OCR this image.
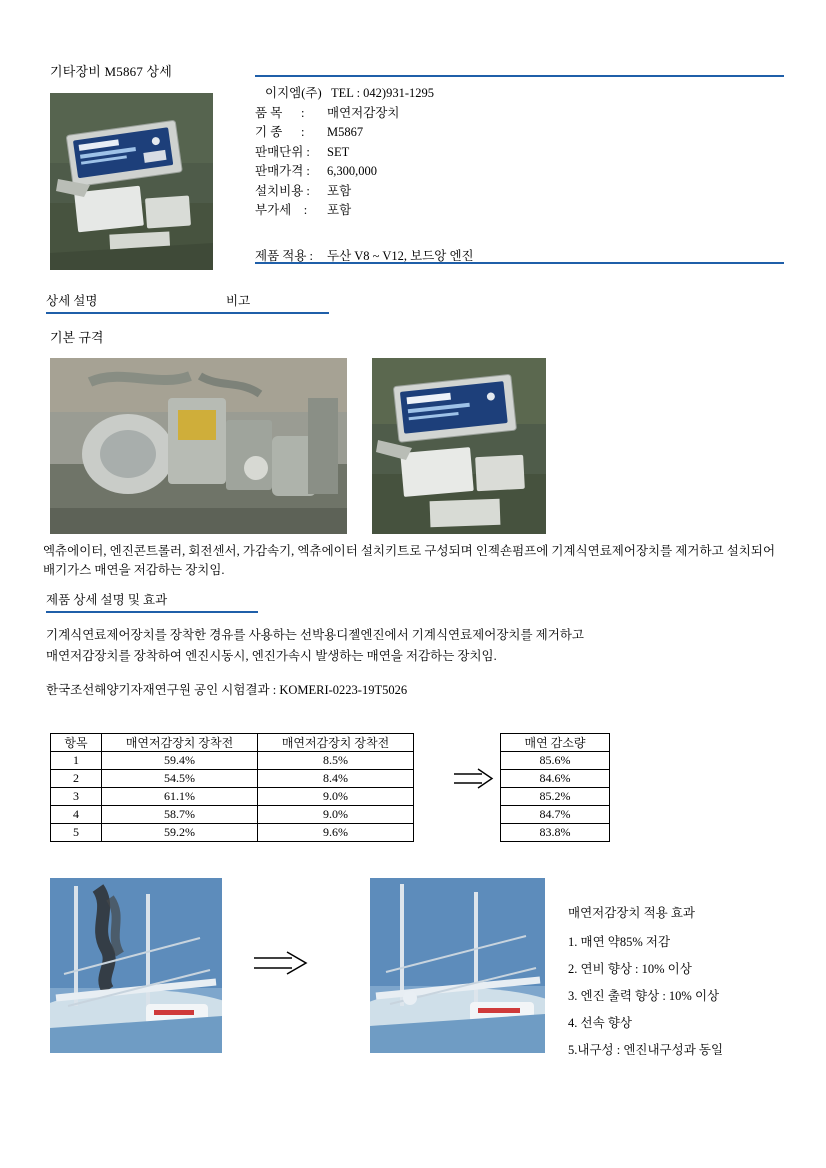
기타장비 M5867 상세
이지엠(주)   TEL : 042)931-1295
품 목      : 매연저감장치
기 종      : M5867
판매단위 : SET
판매가격 : 6,300,000
설치비용 : 포함
부가세    : 포함
제품 적용 : 두산 V8 ~ V12, 보드앙 엔진
상세 설명	비고
기본 규격
엑츄에이터, 엔진콘트롤러, 회전센서, 가감속기, 엑츄에이터 설치키트로 구성되며 인젝숀펌프에 기계식연료제어장치를 제거하고 설치되어 배기가스 매연을 저감하는 장치임.
제품 상세 설명 및 효과
기계식연료제어장치를 장착한 경유를 사용하는 선박용디젤엔진에서 기계식연료제어장치를 제거하고
매연저감장치를 장착하여 엔진시동시, 엔진가속시 발생하는 매연을 저감하는 장치임.
한국조선해양기자재연구원 공인 시험결과 : KOMERI-0223-19T5026
항목	매연저감장치 장착전	매연저감장치 장착전
1	59.4%	8.5%
2	54.5%	8.4%
3	61.1%	9.0%
4	58.7%	9.0%
5	59.2%	9.6%
매연 감소량	
85.6%	
84.6%	
85.2%	
84.7%	
83.8%	
매연저감장치 적용 효과
1. 매연 약85% 저감
2. 연비 향상 : 10% 이상
3. 엔진 출력 향상 : 10% 이상
4. 선속 향상
5.내구성 : 엔진내구성과 동일
